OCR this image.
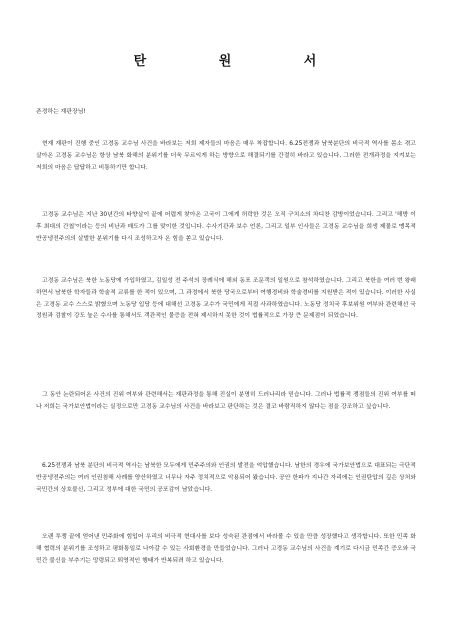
탄 원 서
존경하는 재판장님!

현재 재판이 진행 중인 고경동 교수님 사건을 바라보는 저희 제자들의 마음은 매우 착잡합니다. 6.25전쟁과 남북분단의 비극적 역사를 몸소 겪고 살아온 고경동 교수님은 항상 남북 화해의 분위기를 더욱 무르익게 하는 방향으로 해결되기를 간절히 바라고 있습니다. 그러한 전개과정을 지켜보는 저희의 마음은 답답하고 비통하기만 합니다.

고경동 교수님은 지난 30년간의 타향살이 끝에 어렵게 찾아온 고국이 그에게 허락한 것은 오직 구치소의 차디찬 감방이었습니다. 그리고 '해방 이후 최대의 간첩'이라는 등의 비난과 매도가 그를 맞이한 것입니다. 수사기관과 보수 언론, 그리고 일부 인사들은 고경동 교수님을 희생 제물로 맹목적 반공냉전주의의 살벌한 분위기를 다시 조성하고자 온 힘을 쏟고 있습니다.

고경동 교수님은 북한 노동당에 가입하였고, 김일성 전 주석의 장례식에 해외 동포 조문객의 일원으로 참석하였습니다. 그리고 북한을 여러 번 왕래하면서 남북한 학자들과 학술적 교류를 한 적이 있으며, 그 과정에서 북한 당국으로부터 여행경비와 학술경비를 지원받은 적이 있습니다. 이러한 사실은 고경동 교수 스스로 밝혔으며 노동당 입당 등에 대해선 고경동 교수가 국민에게 직접 사과하였습니다. 노동당 정치국 후보위원 여부와 관련해선 국정원과 검찰이 강도 높은 수사를 통해서도 객관적인 물증을 전혀 제시하지 못한 것이 법률적으로 가장 큰 문제점이 되었습니다.

그 동안 논란되어온 사건의 진위 여부와 관련해서는 재판과정을 통해 진실이 분명히 드러나리라 믿습니다. 그러나 법률적 쟁점들의 진위 여부를 떠나 저희는 국가보안법이라는 실정으로만 고경동 교수님의 사건을 바라보고 판단하는 것은 결코 바람직하지 않다는 점을 강조하고 싶습니다.

6.25전쟁과 남북 분단의 비극적 역사는 남북한 모두에게 민주주의와 인권의 발전을 억압했습니다. 남한의 경우에 국가보안법으로 대표되는 극단적 반공냉전주의는 여러 인권침해 사례를 양산하였고 너무나 자주 정치적으로 악용되어 왔습니다. 공안 한파가 지나간 자리에는 인권탄압의 깊은 상처와 국민간의 상호불신, 그리고 정부에 대한 국민의 공포감이 남았습니다.

오랜 투쟁 끝에 얻어낸 민주화에 힘입어 우리의 비극적 현대사를 보다 성숙된 관점에서 바라볼 수 있을 만큼 성장했다고 생각합니다. 또한 민족 화해 협력의 분위기를 조성하고 평화통일로 나아갈 수 있는 사회환경을 만들었습니다. 그러나 고경동 교수님의 사건을 계기로 다시금 민족간 증오와 국민간 불신을 부추기는 망령되고 퇴영적인 행태가 반복되려 하고 있습니다.
